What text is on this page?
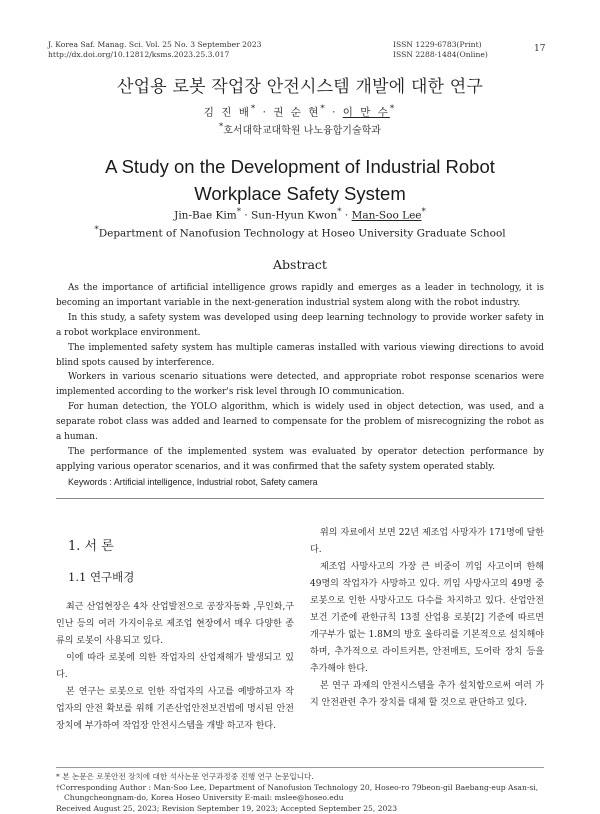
J. Korea Saf. Manag. Sci. Vol. 25 No. 3 September 2023
http://dx.doi.org/10.12812/ksms.2023.25.3.017
ISSN 1229-6783(Print)
ISSN 2288-1484(Online)
17
산업용 로봇 작업장 안전시스템 개발에 대한 연구
김 진 배* · 권 순 현* · 이 만 수*
*호서대학교대학원 나노융합기술학과
A Study on the Development of Industrial Robot Workplace Safety System
Jin-Bae Kim* · Sun-Hyun Kwon* · Man-Soo Lee*
*Department of Nanofusion Technology at Hoseo University Graduate School
Abstract

As the importance of artificial intelligence grows rapidly and emerges as a leader in technology, it is becoming an important variable in the next-generation industrial system along with the robot industry.

In this study, a safety system was developed using deep learning technology to provide worker safety in a robot workplace environment.

The implemented safety system has multiple cameras installed with various viewing directions to avoid blind spots caused by interference.

Workers in various scenario situations were detected, and appropriate robot response scenarios were implemented according to the worker's risk level through IO communication.

For human detection, the YOLO algorithm, which is widely used in object detection, was used, and a separate robot class was added and learned to compensate for the problem of misrecognizing the robot as a human.

The performance of the implemented system was evaluated by operator detection performance by applying various operator scenarios, and it was confirmed that the safety system operated stably.

Keywords : Artificial intelligence, Industrial robot, Safety camera

1. 서 론
1.1 연구배경

최근 산업현장은 4차 산업발전으로 공장자동화 ,무인화,구인난 등의 여러 가지이유로 제조업 현장에서 매우 다양한 종류의 로봇이 사용되고 있다.

이에 따라 로봇에 의한 작업자의 산업재해가 발생되고 있다.

본 연구는 로봇으로 인한 작업자의 사고를 예방하고자 작업자의 안전 확보를 위해 기존산업안전보건법에 명시된 안전장치에 부가하여 작업장 안전시스템을 개발 하고자 한다.

위의 자료에서 보면 22년 제조업 사망자가 171명에 달한다.

제조업 사망사고의 가장 큰 비중이 끼임 사고이며 한해 49명의 작업자가 사망하고 있다. 끼임 사망사고의 49명 중 로봇으로 인한 사망사고도 다수를 차지하고 있다. 산업안전보건 기준에 관한규칙 13절 산업용 로봇[2] 기준에 따르면 개구부가 없는 1.8M의 방호 울타리를 기본적으로 설치해야 하며, 추가적으로 라이트커튼, 안전매트, 도어락 장치 등을 추가해야 한다.

본 연구 과제의 안전시스템을 추가 설치함으로써 여러 가지 안전관련 추가 장치를 대체 할 것으로 판단하고 있다.

* 본 논문은 로봇안전 장치에 대한 석사논문 연구과정중 진행 연구 논문입니다.

†Corresponding Author : Man-Soo Lee, Department of Nanofusion Technology 20, Hoseo-ro 79beon-gil Baebang-eup Asan-si,

Chungcheongnam-do, Korea Hoseo University E-mail: mslee@hoseo.edu

Received August 25, 2023; Revision September 19, 2023; Accepted September 25, 2023
